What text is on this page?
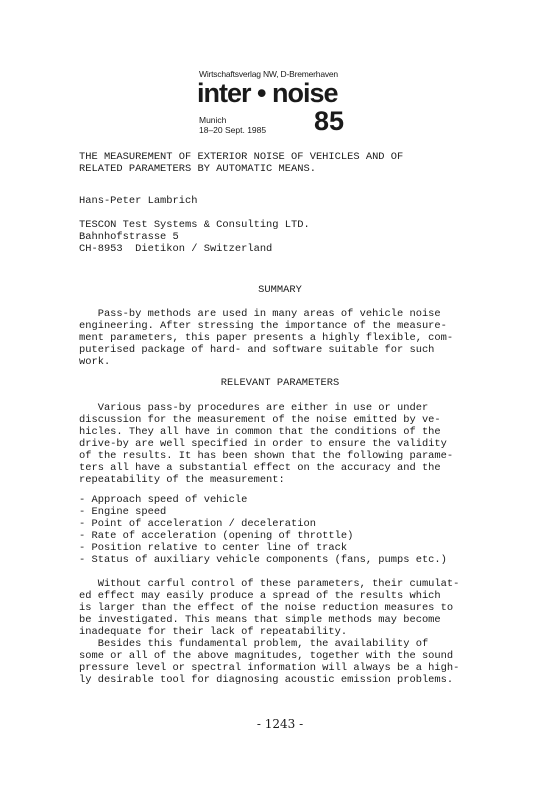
Wirtschaftsverlag NW, D-Bremerhaven
inter • noise
Munich
18–20 Sept. 1985 85
THE MEASUREMENT OF EXTERIOR NOISE OF VEHICLES AND OF
RELATED PARAMETERS BY AUTOMATIC MEANS.
Hans-Peter Lambrich
TESCON Test Systems & Consulting LTD.
Bahnhofstrasse 5
CH-8953  Dietikon / Switzerland
SUMMARY
Pass-by methods are used in many areas of vehicle noise
engineering. After stressing the importance of the measure-
ment parameters, this paper presents a highly flexible, com-
puterised package of hard- and software suitable for such
work.
RELEVANT PARAMETERS
Various pass-by procedures are either in use or under
discussion for the measurement of the noise emitted by ve-
hicles. They all have in common that the conditions of the
drive-by are well specified in order to ensure the validity
of the results. It has been shown that the following parame-
ters all have a substantial effect on the accuracy and the
repeatability of the measurement:
- Approach speed of vehicle
- Engine speed
- Point of acceleration / deceleration
- Rate of acceleration (opening of throttle)
- Position relative to center line of track
- Status of auxiliary vehicle components (fans, pumps etc.)
Without carful control of these parameters, their cumulat-
ed effect may easily produce a spread of the results which
is larger than the effect of the noise reduction measures to
be investigated. This means that simple methods may become
inadequate for their lack of repeatability.
Besides this fundamental problem, the availability of
some or all of the above magnitudes, together with the sound
pressure level or spectral information will always be a high-
ly desirable tool for diagnosing acoustic emission problems.
- 1243 -
